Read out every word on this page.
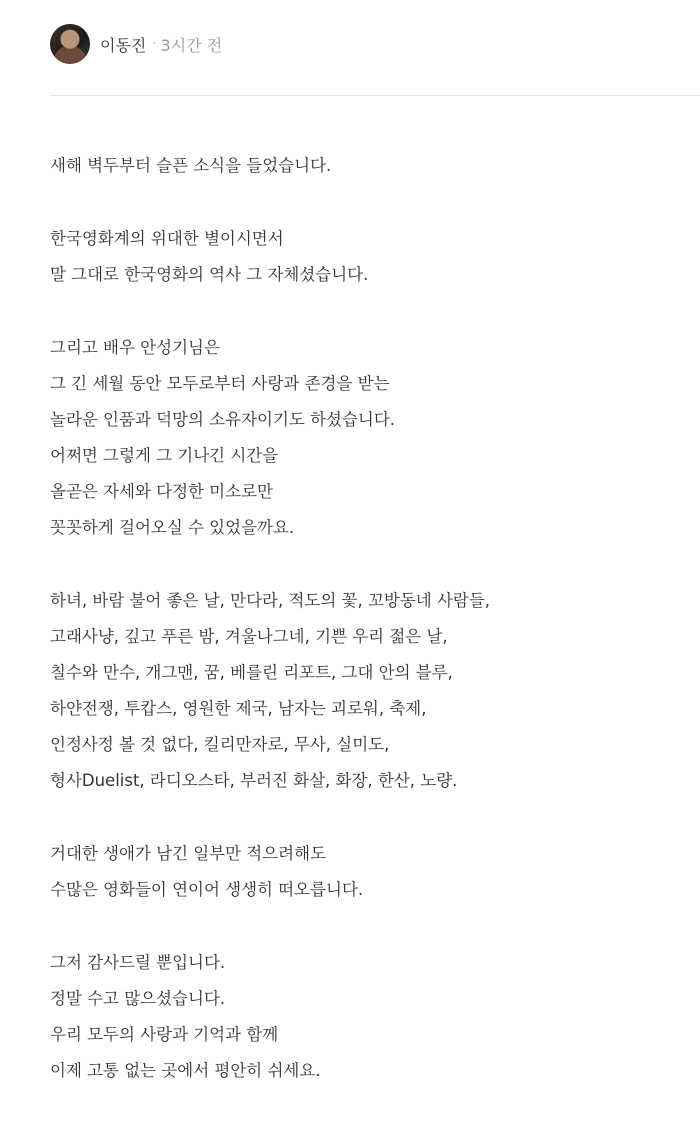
이동진 · 3시간 전
새해 벽두부터 슬픈 소식을 들었습니다.
한국영화계의 위대한 별이시면서
말 그대로 한국영화의 역사 그 자체셨습니다.
그리고 배우 안성기님은
그 긴 세월 동안 모두로부터 사랑과 존경을 받는
놀라운 인품과 덕망의 소유자이기도 하셨습니다.
어쩌면 그렇게 그 기나긴 시간을
올곧은 자세와 다정한 미소로만
꼿꼿하게 걸어오실 수 있었을까요.
하녀, 바람 불어 좋은 날, 만다라, 적도의 꽃, 꼬방동네 사람들,
고래사냥, 깊고 푸른 밤, 겨울나그네, 기쁜 우리 젊은 날,
칠수와 만수, 개그맨, 꿈, 베를린 리포트, 그대 안의 블루,
하얀전쟁, 투캅스, 영원한 제국, 남자는 괴로워, 축제,
인정사정 볼 것 없다, 킬리만자로, 무사, 실미도,
형사Duelist, 라디오스타, 부러진 화살, 화장, 한산, 노량.
거대한 생애가 남긴 일부만 적으려해도
수많은 영화들이 연이어 생생히 떠오릅니다.
그저 감사드릴 뿐입니다.
정말 수고 많으셨습니다.
우리 모두의 사랑과 기억과 함께
이제 고통 없는 곳에서 평안히 쉬세요.
